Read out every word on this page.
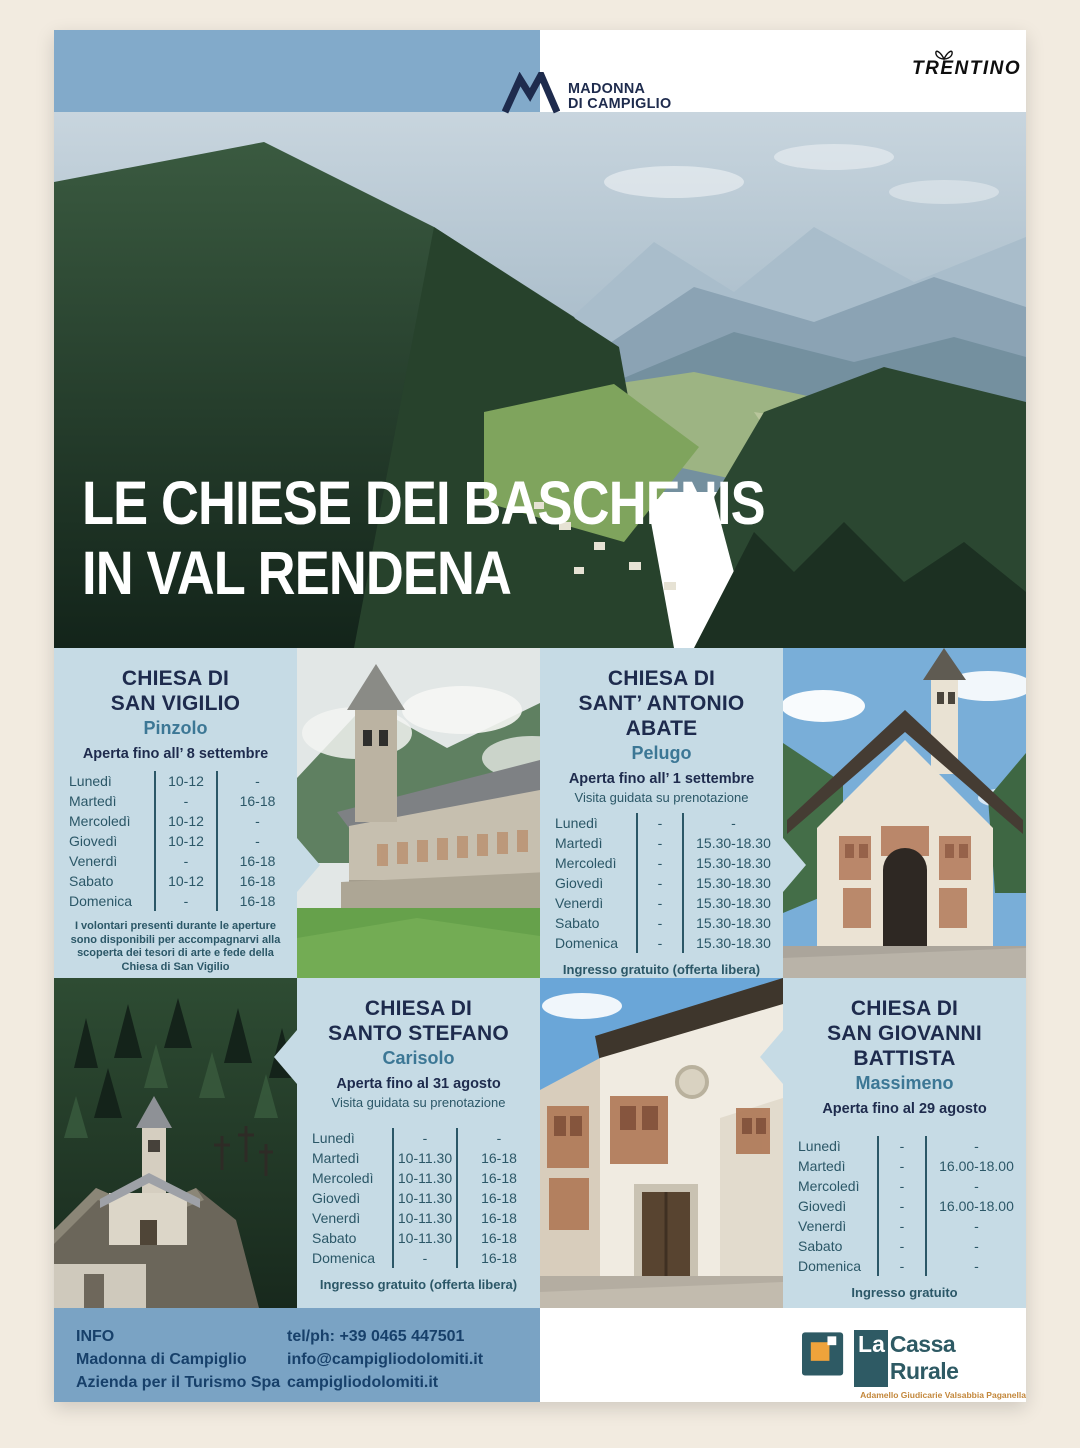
MADONNA
DI CAMPIGLIO
TRENTINO
LE CHIESE DEI BASCHENIS
IN VAL RENDENA
CHIESA DI
SAN VIGILIO
Pinzolo
Aperta fino all’ 8 settembre
Lunedì	10-12	-
Martedì	-	16-18
Mercoledì	10-12	-
Giovedì	10-12	-
Venerdì	-	16-18
Sabato	10-12	16-18
Domenica	-	16-18
I volontari presenti durante le aperture sono disponibili per accompagnarvi alla scoperta dei tesori di arte e fede della Chiesa di San Vigilio
CHIESA DI
SANT’ ANTONIO
ABATE
Pelugo
Aperta fino all’ 1 settembre
Visita guidata su prenotazione
Lunedì	-	-
Martedì	-	15.30-18.30
Mercoledì	-	15.30-18.30
Giovedì	-	15.30-18.30
Venerdì	-	15.30-18.30
Sabato	-	15.30-18.30
Domenica	-	15.30-18.30
Ingresso gratuito (offerta libera)
CHIESA DI
SANTO STEFANO
Carisolo
Aperta fino al 31 agosto
Visita guidata su prenotazione
Lunedì	-	-
Martedì	10-11.30	16-18
Mercoledì	10-11.30	16-18
Giovedì	10-11.30	16-18
Venerdì	10-11.30	16-18
Sabato	10-11.30	16-18
Domenica	-	16-18
Ingresso gratuito (offerta libera)
CHIESA DI
SAN GIOVANNI
BATTISTA
Massimeno
Aperta fino al 29 agosto
Lunedì	-	-
Martedì	-	16.00-18.00
Mercoledì	-	-
Giovedì	-	16.00-18.00
Venerdì	-	-
Sabato	-	-
Domenica	-	-
Ingresso gratuito
INFO
Madonna di Campiglio
Azienda per il Turismo Spa
tel/ph: +39 0465 447501
info@campigliodolomiti.it
campigliodolomiti.it
La Cassa Rurale
Adamello Giudicarie Valsabbia Paganella
